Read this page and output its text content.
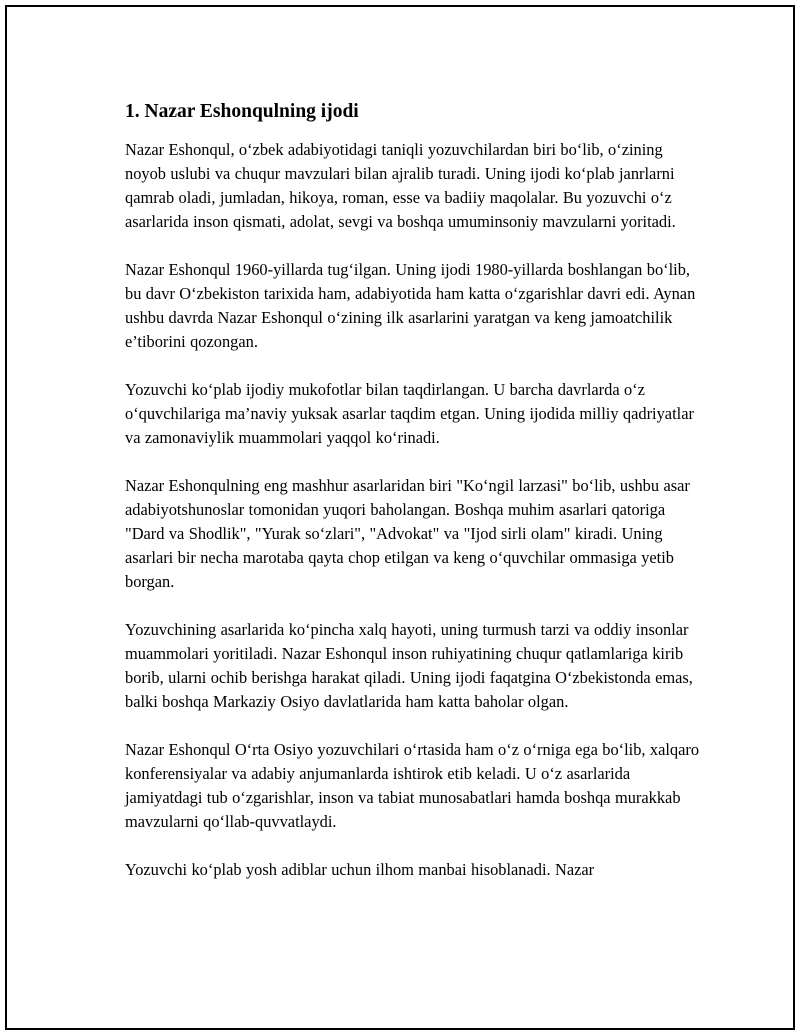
1. Nazar Eshonqulning ijodi

Nazar Eshonqul, o‘zbek adabiyotidagi taniqli yozuvchilardan biri bo‘lib, o‘zining noyob uslubi va chuqur mavzulari bilan ajralib turadi. Uning ijodi ko‘plab janrlarni qamrab oladi, jumladan, hikoya, roman, esse va badiiy maqolalar. Bu yozuvchi o‘z asarlarida inson qismati, adolat, sevgi va boshqa umuminsoniy mavzularni yoritadi.

Nazar Eshonqul 1960-yillarda tug‘ilgan. Uning ijodi 1980-yillarda boshlangan bo‘lib, bu davr O‘zbekiston tarixida ham, adabiyotida ham katta o‘zgarishlar davri edi. Aynan ushbu davrda Nazar Eshonqul o‘zining ilk asarlarini yaratgan va keng jamoatchilik e’tiborini qozongan.

Yozuvchi ko‘plab ijodiy mukofotlar bilan taqdirlangan. U barcha davrlarda o‘z o‘quvchilariga ma’naviy yuksak asarlar taqdim etgan. Uning ijodida milliy qadriyatlar va zamonaviylik muammolari yaqqol ko‘rinadi.

Nazar Eshonqulning eng mashhur asarlaridan biri "Ko‘ngil larzasi" bo‘lib, ushbu asar adabiyotshunoslar tomonidan yuqori baholangan. Boshqa muhim asarlari qatoriga "Dard va Shodlik", "Yurak so‘zlari", "Advokat" va "Ijod sirli olam" kiradi. Uning asarlari bir necha marotaba qayta chop etilgan va keng o‘quvchilar ommasiga yetib borgan.

Yozuvchining asarlarida ko‘pincha xalq hayoti, uning turmush tarzi va oddiy insonlar muammolari yoritiladi. Nazar Eshonqul inson ruhiyatining chuqur qatlamlariga kirib borib, ularni ochib berishga harakat qiladi. Uning ijodi faqatgina O‘zbekistonda emas, balki boshqa Markaziy Osiyo davlatlarida ham katta baholar olgan.

Nazar Eshonqul O‘rta Osiyo yozuvchilari o‘rtasida ham o‘z o‘rniga ega bo‘lib, xalqaro konferensiyalar va adabiy anjumanlarda ishtirok etib keladi. U o‘z asarlarida jamiyatdagi tub o‘zgarishlar, inson va tabiat munosabatlari hamda boshqa murakkab mavzularni qo‘llab-quvvatlaydi.

Yozuvchi ko‘plab yosh adiblar uchun ilhom manbai hisoblanadi. Nazar
